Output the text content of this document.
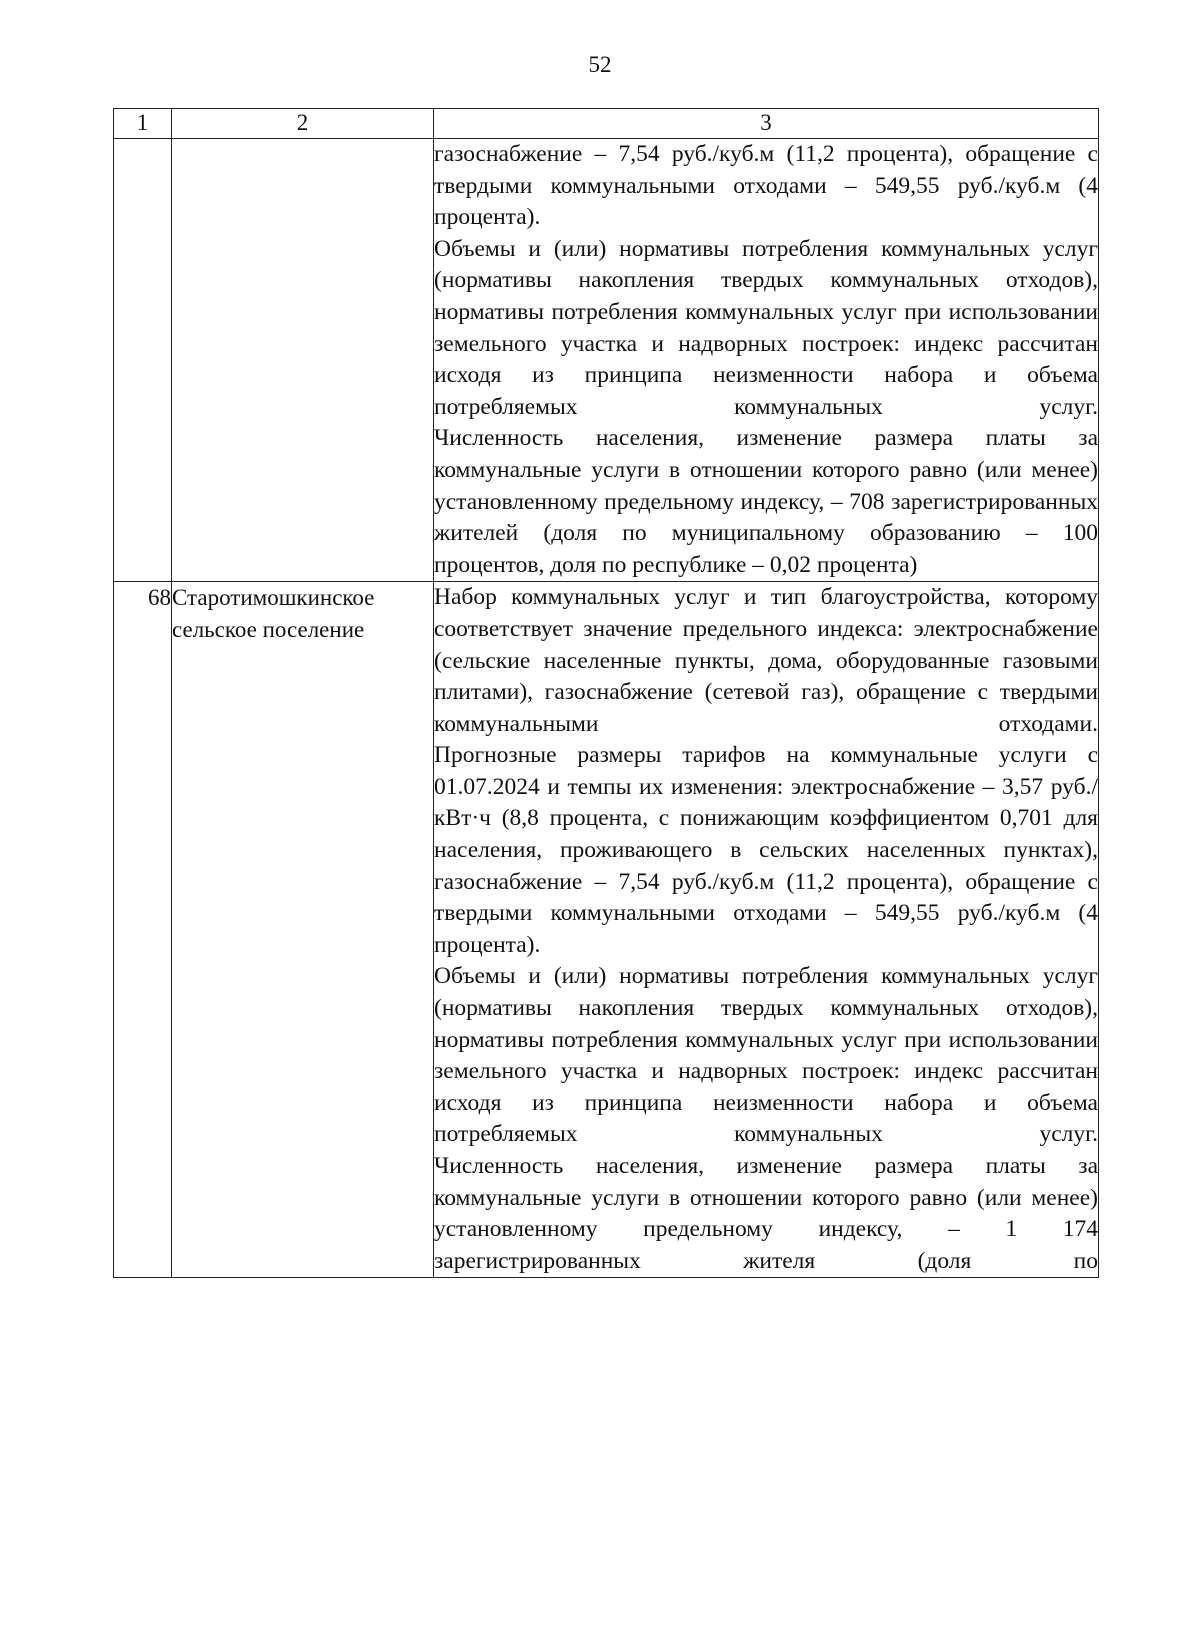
52
1	2	3

		газоснабжение – 7,54 руб./куб.м (11,2 процента), обращение с твердыми коммунальными отходами – 549,55 руб./куб.м (4 процента).

Объемы и (или) нормативы потребления коммунальных услуг (нормативы накопления твердых коммунальных отходов), нормативы потребления коммунальных услуг при использовании земельного участка и надворных построек: индекс рассчитан исходя из принципа неизменности набора и объема потребляемых коммунальных услуг.

Численность населения, изменение размера платы за коммунальные услуги в отношении которого равно (или менее) установленному предельному индексу, – 708 зарегистрированных жителей (доля по муниципальному образованию – 100 процентов, доля по республике – 0,02 процента)

68	Старотимошкинское сельское поселение	Набор коммунальных услуг и тип благоустройства, которому соответствует значение предельного индекса: электроснабжение (сельские населенные пункты, дома, оборудованные газовыми плитами), газоснабжение (сетевой газ), обращение с твердыми коммунальными отходами.

Прогнозные размеры тарифов на коммунальные услуги с 01.07.2024 и темпы их изменения: электроснабжение – 3,57 руб./кВт·ч (8,8 процента, с понижающим коэффициентом 0,701 для населения, проживающего в сельских населенных пунктах), газоснабжение – 7,54 руб./куб.м (11,2 процента), обращение с твердыми коммунальными отходами – 549,55 руб./куб.м (4 процента).

Объемы и (или) нормативы потребления коммунальных услуг (нормативы накопления твердых коммунальных отходов), нормативы потребления коммунальных услуг при использовании земельного участка и надворных построек: индекс рассчитан исходя из принципа неизменности набора и объема потребляемых коммунальных услуг.

Численность населения, изменение размера платы за коммунальные услуги в отношении которого равно (или менее) установленному предельному индексу, – 1 174 зарегистрированных жителя (доля по
